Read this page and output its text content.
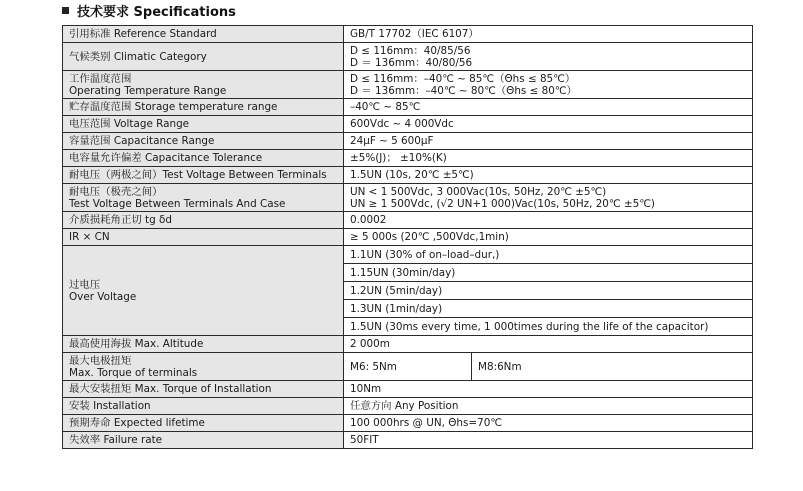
技术要求 Specifications
引用标准 Reference Standard	GB/T 17702（IEC 6107）	
气候类别 Climatic Category	D ≤ 116mm：40/85/56
D ＝ 136mm：40/80/56	

工作温度范围
Operating Temperature Range	D ≤ 116mm：–40℃ ~ 85℃（Θhs ≤ 85℃）
D ＝ 136mm：–40℃ ~ 80℃（Θhs ≤ 80℃）	

贮存温度范围 Storage temperature range	–40℃ ~ 85℃	
电压范围 Voltage Range	600Vdc ~ 4 000Vdc	
容量范围 Capacitance Range	24μF ~ 5 600μF	
电容量允许偏差 Capacitance Tolerance	±5%(J)； ±10%(K)	
耐电压（两极之间）Test Voltage Between Terminals	1.5UN (10s, 20℃ ±5℃)	

耐电压（极壳之间）
Test Voltage Between Terminals And Case	UN < 1 500Vdc, 3 000Vac(10s, 50Hz, 20℃ ±5℃)
UN ≥ 1 500Vdc, (√2 UN+1 000)Vac(10s, 50Hz, 20℃ ±5℃)	

介质损耗角正切 tg δd	0.0002	
IR × CN	≥ 5 000s (20℃ ,500Vdc,1min)	

过电压
Over Voltage	1.1UN (30% of on–load–dur,)	
	1.15UN (30min/day)	
	1.2UN (5min/day)	
	1.3UN (1min/day)	
	1.5UN (30ms every time, 1 000times during the life of the capacitor)	
最高使用海拔 Max. Altitude	2 000m	

最大电极扭矩
Max. Torque of terminals	M6: 5Nm	M8:6Nm
最大安装扭矩 Max. Torque of Installation	10Nm	
安装 Installation	任意方向 Any Position	
预期寿命 Expected lifetime	100 000hrs @ UN, Θhs=70℃	
失效率 Failure rate	50FIT	
